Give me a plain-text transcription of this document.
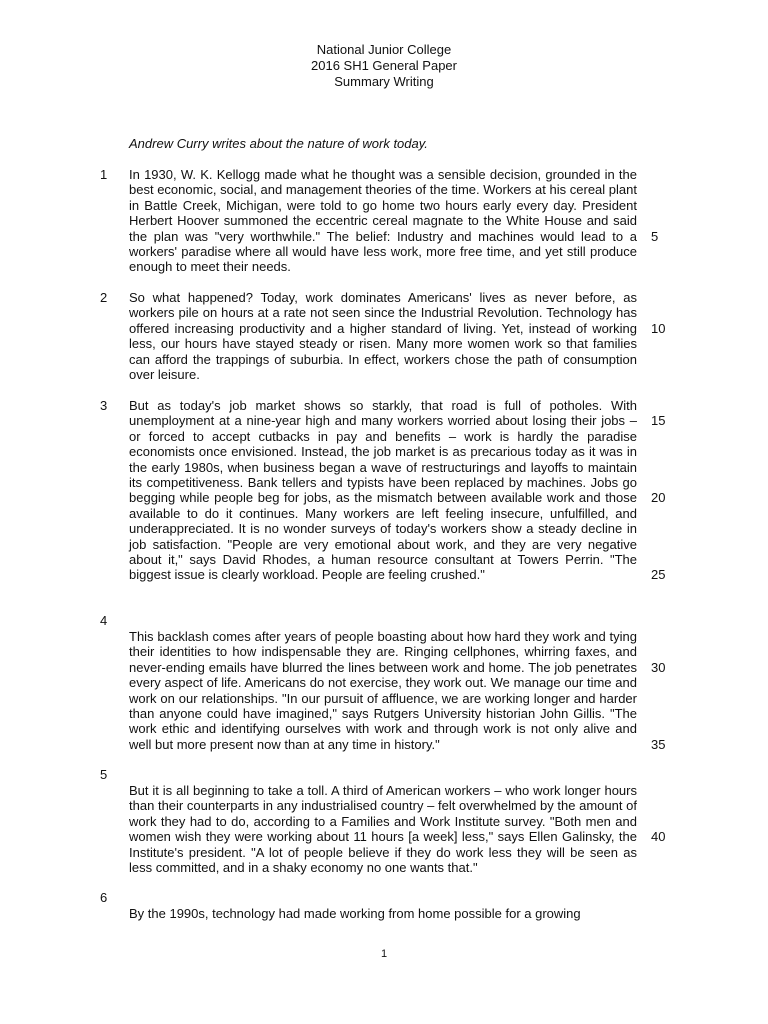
National Junior College
2016 SH1 General Paper
Summary Writing
Andrew Curry writes about the nature of work today.
1 In 1930, W. K. Kellogg made what he thought was a sensible decision, grounded in the best economic, social, and management theories of the time. Workers at his cereal plant in Battle Creek, Michigan, were told to go home two hours early every day. President Herbert Hoover summoned the eccentric cereal magnate to the White House and said the plan was "very worthwhile." The belief: Industry and machines would lead to a workers' paradise where all would have less work, more free time, and yet still produce enough to meet their needs.

2 So what happened? Today, work dominates Americans' lives as never before, as workers pile on hours at a rate not seen since the Industrial Revolution. Technology has offered increasing productivity and a higher standard of living. Yet, instead of working less, our hours have stayed steady or risen. Many more women work so that families can afford the trappings of suburbia. In effect, workers chose the path of consumption over leisure.

3 But as today's job market shows so starkly, that road is full of potholes. With unemployment at a nine-year high and many workers worried about losing their jobs – or forced to accept cutbacks in pay and benefits – work is hardly the paradise economists once envisioned. Instead, the job market is as precarious today as it was in the early 1980s, when business began a wave of restructurings and layoffs to maintain its competitiveness. Bank tellers and typists have been replaced by machines. Jobs go begging while people beg for jobs, as the mismatch between available work and those available to do it continues. Many workers are left feeling insecure, unfulfilled, and underappreciated. It is no wonder surveys of today's workers show a steady decline in job satisfaction. "People are very emotional about work, and they are very negative about it," says David Rhodes, a human resource consultant at Towers Perrin. "The biggest issue is clearly workload. People are feeling crushed."

4

This backlash comes after years of people boasting about how hard they work and tying their identities to how indispensable they are. Ringing cellphones, whirring faxes, and never-ending emails have blurred the lines between work and home. The job penetrates every aspect of life. Americans do not exercise, they work out. We manage our time and work on our relationships. "In our pursuit of affluence, we are working longer and harder than anyone could have imagined," says Rutgers University historian John Gillis. "The work ethic and identifying ourselves with work and through work is not only alive and well but more present now than at any time in history."

5

But it is all beginning to take a toll. A third of American workers – who work longer hours than their counterparts in any industrialised country – felt overwhelmed by the amount of work they had to do, according to a Families and Work Institute survey. "Both men and women wish they were working about 11 hours [a week] less," says Ellen Galinsky, the Institute's president. "A lot of people believe if they do work less they will be seen as less committed, and in a shaky economy no one wants that."

6

By the 1990s, technology had made working from home possible for a growing

5
10
15
20
25
30
35
40
1
